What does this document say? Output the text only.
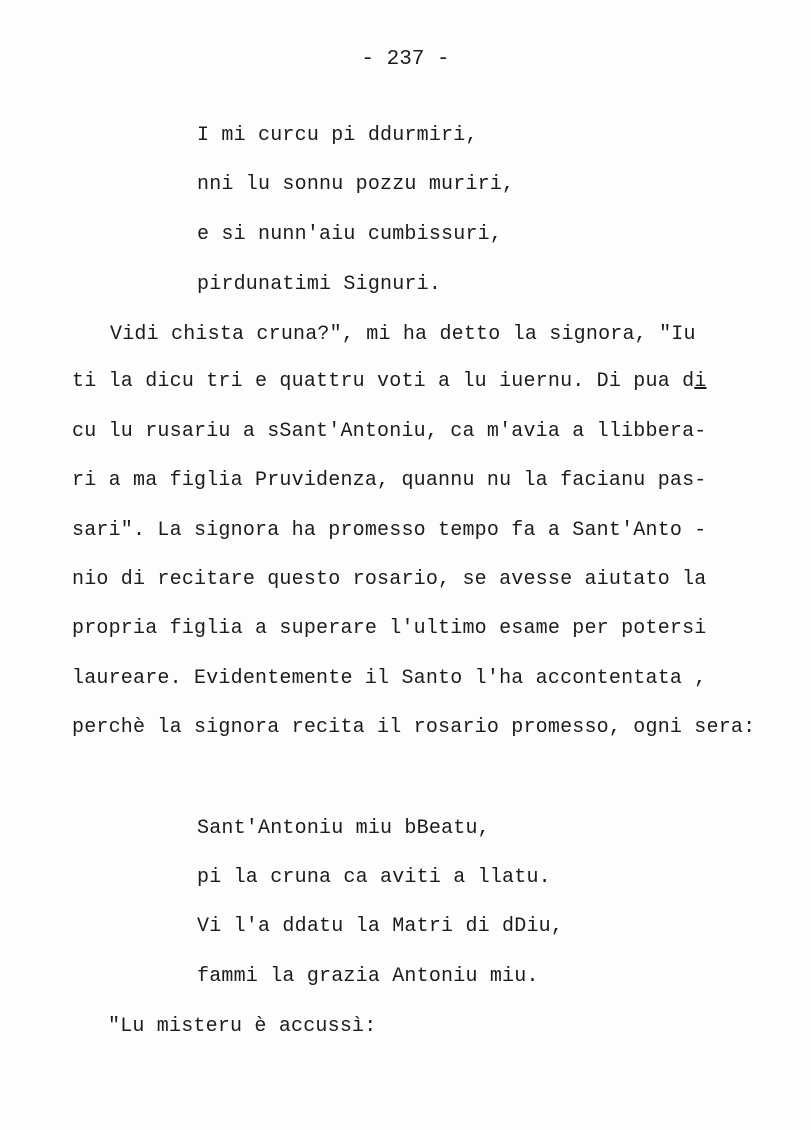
- 237 -
I mi curcu pi ddurmiri,
nni lu sonnu pozzu muriri,
e si nunn'aiu cumbissuri,
pirdunatimi Signuri.
Vidi chista cruna?", mi ha detto la signora, "Iu
ti la dicu tri e quattru voti a lu iuernu. Di pua di
cu lu rusariu a sSant'Antoniu, ca m'avia a llibbera-
ri a ma figlia Pruvidenza, quannu nu la facianu pas-
sari". La signora ha promesso tempo fa a Sant'Anto -
nio di recitare questo rosario, se avesse aiutato la
propria figlia a superare l'ultimo esame per potersi
laureare. Evidentemente il Santo l'ha accontentata ,
perchè la signora recita il rosario promesso, ogni sera:
Sant'Antoniu miu bBeatu,
pi la cruna ca aviti a llatu.
Vi l'a ddatu la Matri di dDiu,
fammi la grazia Antoniu miu.
"Lu misteru è accussì:
